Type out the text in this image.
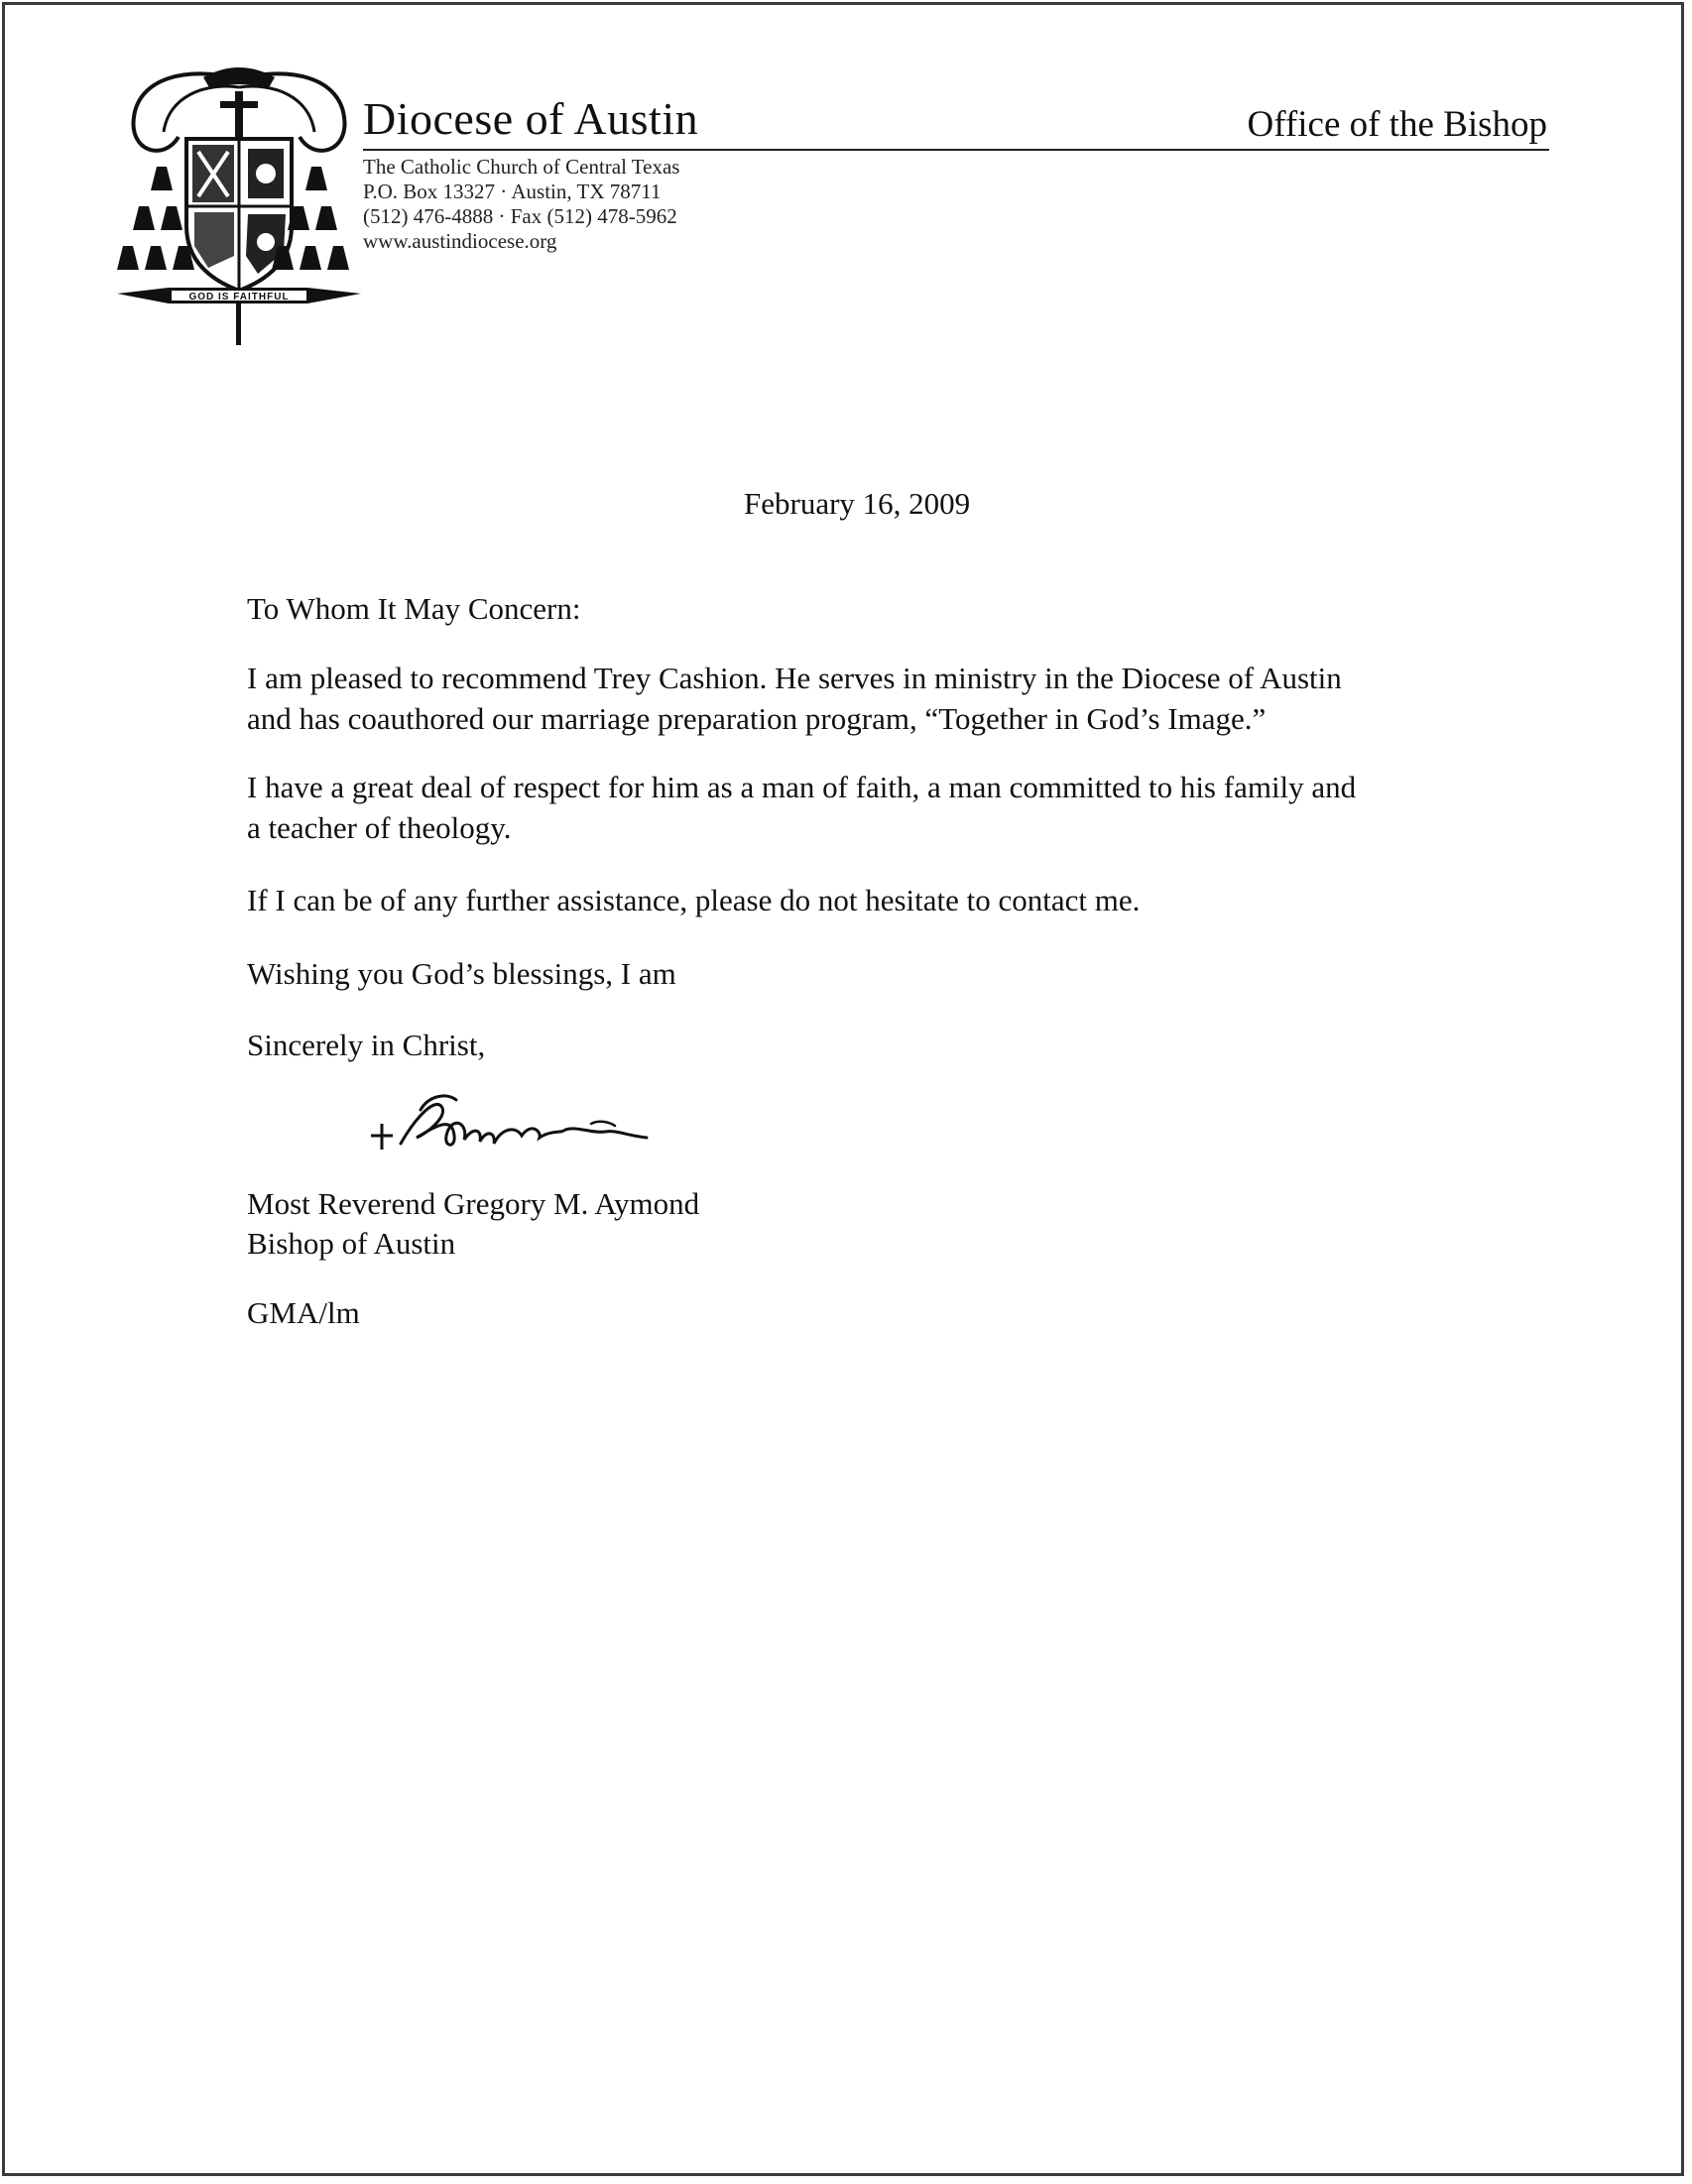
GOD IS FAITHFUL
Diocese of Austin	Office of the Bishop
The Catholic Church of Central Texas
P.O. Box 13327 · Austin, TX 78711
(512) 476-4888 · Fax (512) 478-5962
www.austindiocese.org
February 16, 2009
To Whom It May Concern:
I am pleased to recommend Trey Cashion. He serves in ministry in the Diocese of Austin
and has coauthored our marriage preparation program, “Together in God’s Image.”
I have a great deal of respect for him as a man of faith, a man committed to his family and
a teacher of theology.
If I can be of any further assistance, please do not hesitate to contact me.
Wishing you God’s blessings, I am
Sincerely in Christ,
Most Reverend Gregory M. Aymond
Bishop of Austin
GMA/lm
